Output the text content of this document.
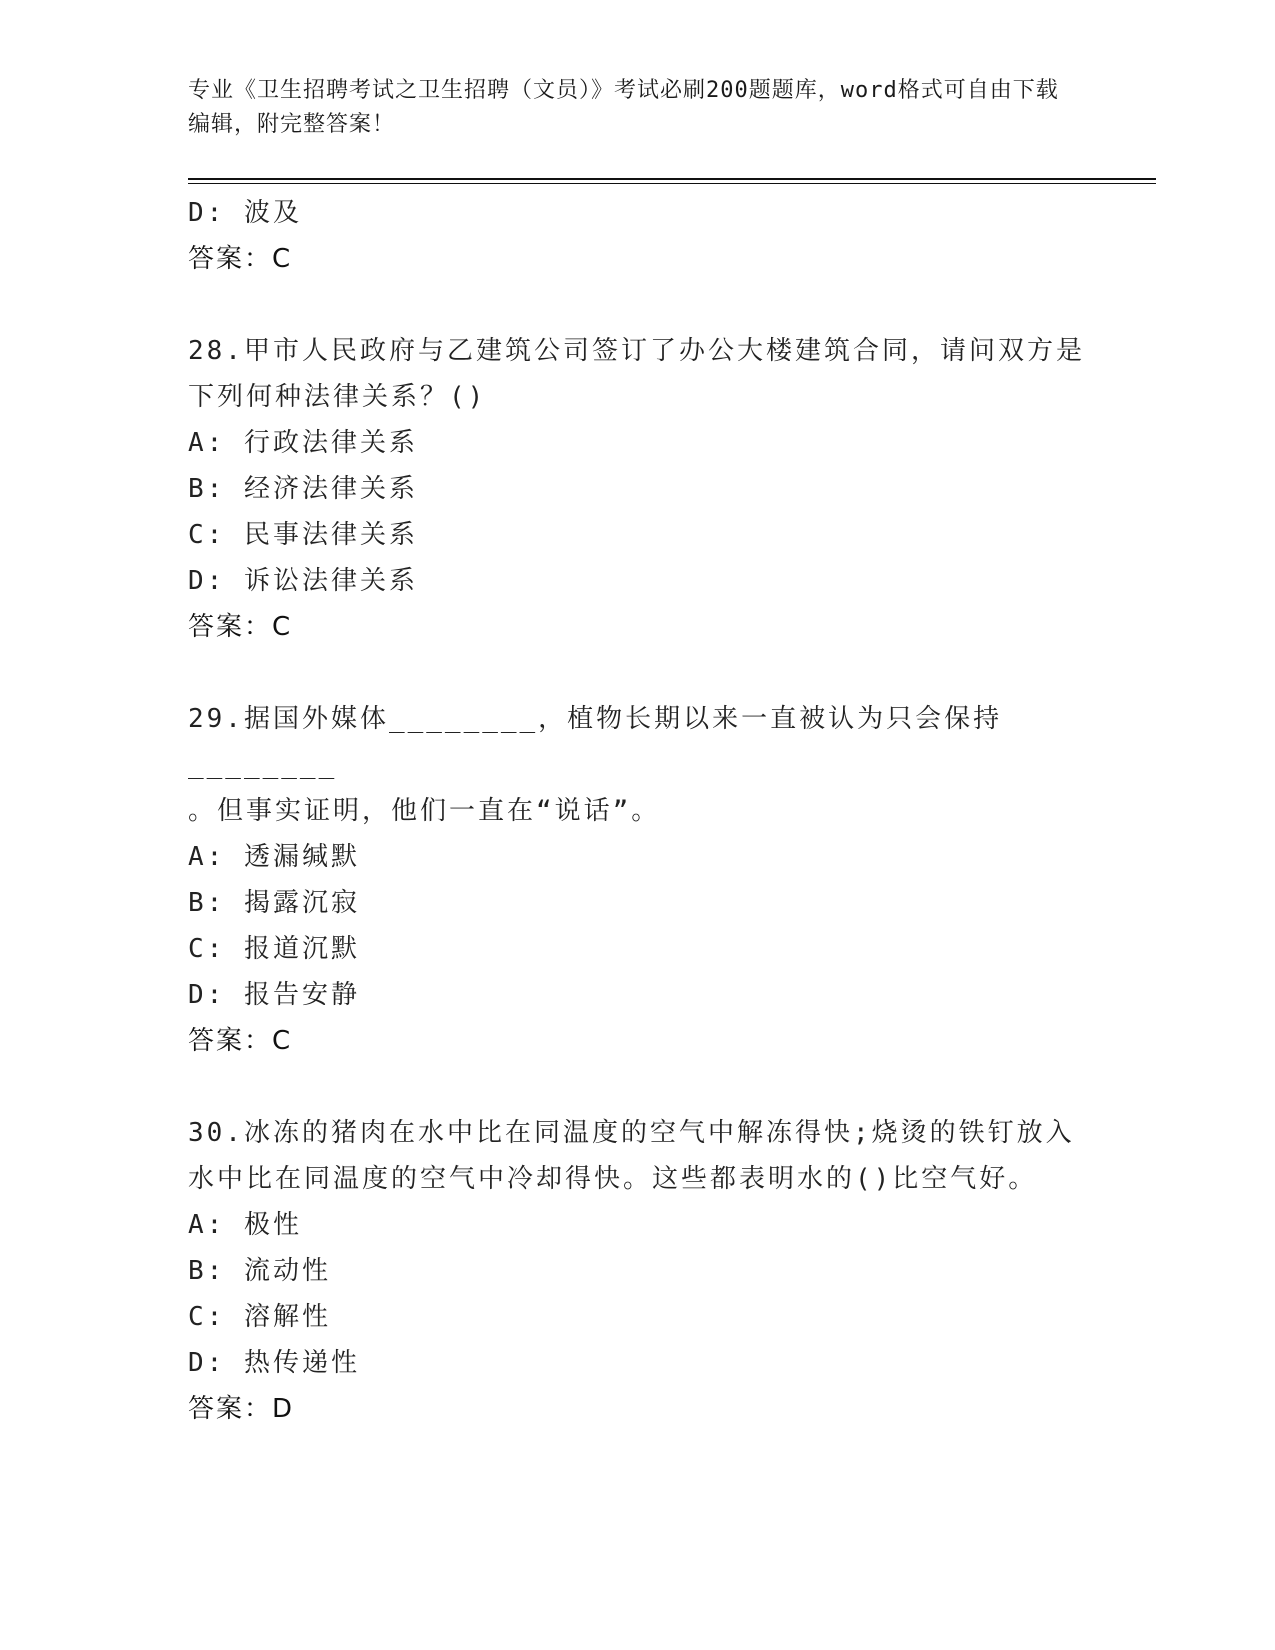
专业《卫生招聘考试之卫生招聘（文员）》考试必刷200题题库，word格式可自由下载编辑，附完整答案！
D: 波及
答案：C
28.甲市人民政府与乙建筑公司签订了办公大楼建筑合同，请问双方是
下列何种法律关系？()
A: 行政法律关系
B: 经济法律关系
C: 民事法律关系
D: 诉讼法律关系
答案：C
29.据国外媒体________，植物长期以来一直被认为只会保持________
。但事实证明，他们一直在“说话”。
A: 透漏缄默
B: 揭露沉寂
C: 报道沉默
D: 报告安静
答案：C
30.冰冻的猪肉在水中比在同温度的空气中解冻得快;烧烫的铁钉放入
水中比在同温度的空气中冷却得快。这些都表明水的()比空气好。
A: 极性
B: 流动性
C: 溶解性
D: 热传递性
答案：D
